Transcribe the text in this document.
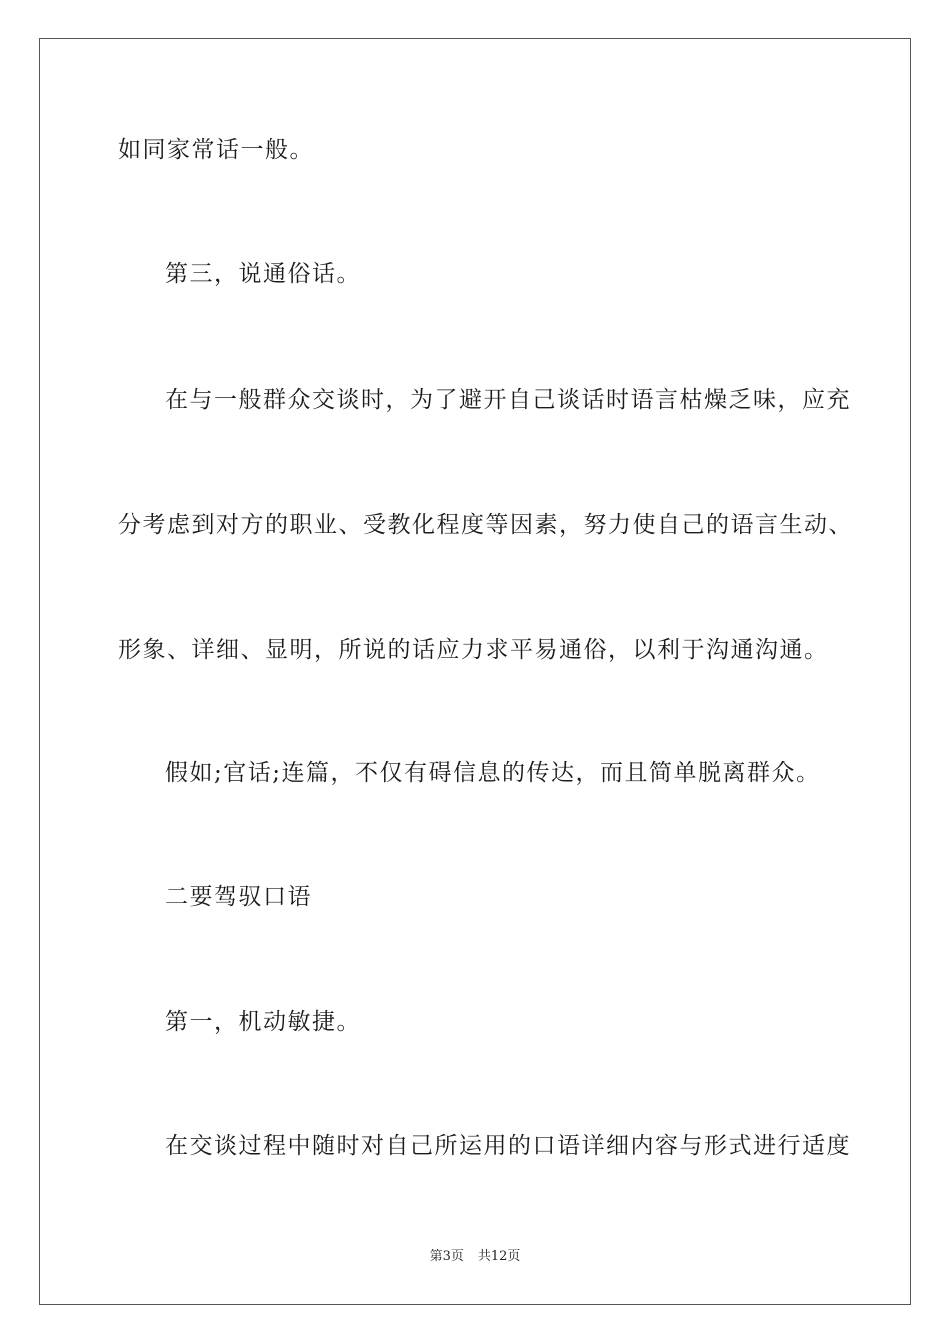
如同家常话一般。
第三，说通俗话。
在与一般群众交谈时，为了避开自己谈话时语言枯燥乏味，应充
分考虑到对方的职业、受教化程度等因素，努力使自己的语言生动、
形象、详细、显明，所说的话应力求平易通俗，以利于沟通沟通。
假如;官话;连篇，不仅有碍信息的传达，而且简单脱离群众。
二要驾驭口语
第一，机动敏捷。
在交谈过程中随时对自己所运用的口语详细内容与形式进行适度
第3页 共12页
